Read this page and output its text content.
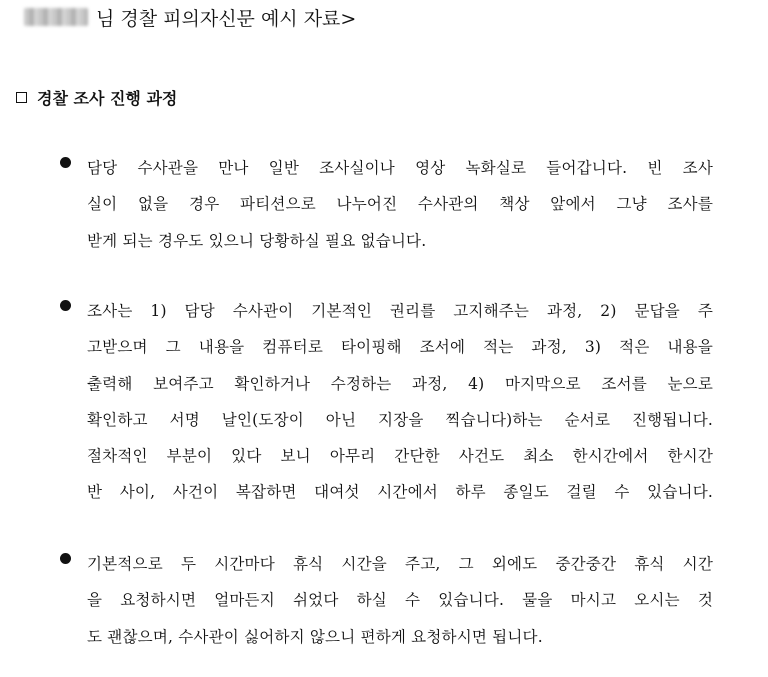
님 경찰 피의자신문 예시 자료>
경찰 조사 진행 과정
담당 수사관을 만나 일반 조사실이나 영상 녹화실로 들어갑니다. 빈 조사
실이 없을 경우 파티션으로 나누어진 수사관의 책상 앞에서 그냥 조사를
받게 되는 경우도 있으니 당황하실 필요 없습니다.
조사는 1) 담당 수사관이 기본적인 권리를 고지해주는 과정, 2) 문답을 주
고받으며 그 내용을 컴퓨터로 타이핑해 조서에 적는 과정, 3) 적은 내용을
출력해 보여주고 확인하거나 수정하는 과정, 4) 마지막으로 조서를 눈으로
확인하고 서명 날인(도장이 아닌 지장을 찍습니다)하는 순서로 진행됩니다.
절차적인 부분이 있다 보니 아무리 간단한 사건도 최소 한시간에서 한시간
반 사이, 사건이 복잡하면 대여섯 시간에서 하루 종일도 걸릴 수 있습니다.
기본적으로 두 시간마다 휴식 시간을 주고, 그 외에도 중간중간 휴식 시간
을 요청하시면 얼마든지 쉬었다 하실 수 있습니다. 물을 마시고 오시는 것
도 괜찮으며, 수사관이 싫어하지 않으니 편하게 요청하시면 됩니다.
